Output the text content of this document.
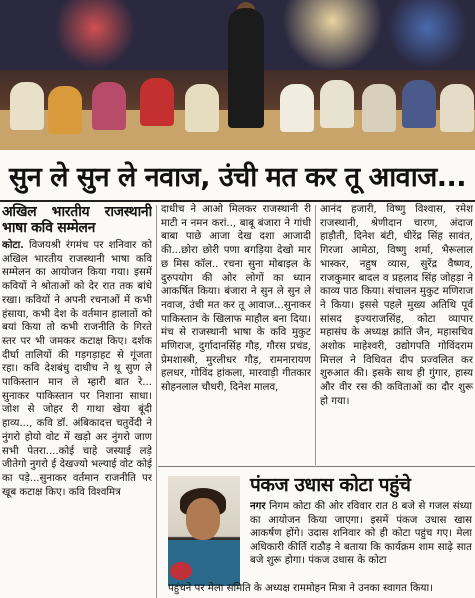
सुन ले सुन ले नवाज, उंची मत कर तू आवाज...
अखिल भारतीय राजस्थानी भाषा कवि सम्मेलन

कोटा. विजयश्री रंगमंच पर शनिवार को अखिल भारतीय राजस्थानी भाषा कवि सम्मेलन का आयोजन किया गया। इसमें कवियों ने श्रोताओं को देर रात तक बांधे रखा। कवियों ने अपनी रचनाओं में कभी हंसाया, कभी देश के वर्तमान हालातों को बयां किया तो कभी राजनीति के गिरते स्तर पर भी जमकर कटाक्ष किए। दर्शक दीर्घा तालियों की गड़गड़ाहट से गूंजता रहा। कवि देशबंधु दाधीच ने थू सुण ले पाकिस्तान मान ले म्हारी बात रे... सुनाकर पाकिस्तान पर निशाना साधा। जोश से जोहर री गाथा खेया बूंदी हाव्य..., कवि डॉ. अंबिकादत्त चतुर्वेदी ने नुंगरो होयो वोट में खड़ो अर नुंगरो जाण सभी पेतरा....कोई चाहे जस्याई लड़े जीतेगो नुगरो ई देखज्यो भल्याई वोट कोई का पड़े...सुनाकर वर्तमान राजनीति पर खूब कटाक्ष किए। कवि विश्वमित्र

दाधीच ने आओ मिलकर राजस्थानी री माटी न नमन करां.., बाबू बंजारा ने गांधी बाबा पाछे आजा देख दशा आजादी की...छोरा छोरी पणा बगड़िया देखो मार छ मिस कॉल.. रचना सुना मोबाइल के दुरुपयोग की ओर लोगों का ध्यान आकर्षित किया। बंजारा ने सुन ले सुन ले नवाज, उंची मत कर तू आवाज...सुनाकर पाकिस्तान के खिलाफ माहौल बना दिया। मंच से राजस्थानी भाषा के कवि मुकुट मणिराज, दुर्गादानसिंह गौड़, गौरस प्रचंड, प्रेमशास्त्री, मुरलीधर गौड़, रामनारायण हलधर, गोविंद हांकला, मारवाड़ी गीतकार सोहनलाल चौधरी, दिनेश मालव,

आनंद हजारी, विष्णु विश्वास, रमेश राजस्थानी, श्रेणीदान चारण, अंदाज हाड़ौती, दिनेश बंटी, धीरेंद्र सिंह सावंत, गिरजा आमेठा, विष्णु शर्मा, भैरूलाल भास्कर, नहुष व्यास, सुरेंद्र वैष्णव, राजकुमार बादल व प्रहलाद सिंह जोहड़ा ने काव्य पाठ किया। संचालन मुकुट मणिराज ने किया। इससे पहले मुख्य अतिथि पूर्व सांसद इज्यराजसिंह, कोटा व्यापार महासंघ के अध्यक्ष क्रांति जैन, महासचिव अशोक माहेश्वरी, उद्योगपति गोविंदराम मित्तल ने विधिवत दीप प्रज्वलित कर शुरुआत की। इसके साथ ही गुंगार, हास्य और वीर रस की कविताओं का दौर शुरू हो गया।

पंकज उधास कोटा पहुंचे
नगर निगम कोटा की ओर रविवार रात 8 बजे से गजल संध्या का आयोजन किया जाएगा। इसमें पंकज उधास खास आकर्षण होंगे। उदास शनिवार को ही कोटा पहुंच गए। मेला अधिकारी कीर्ति राठौड़ ने बताया कि कार्यक्रम शाम साढ़े सात बजे शुरू होगा। पंकज उधास के कोटा
पहुंचने पर मेला समिति के अध्यक्ष राममोहन मित्रा ने उनका स्वागत किया।
